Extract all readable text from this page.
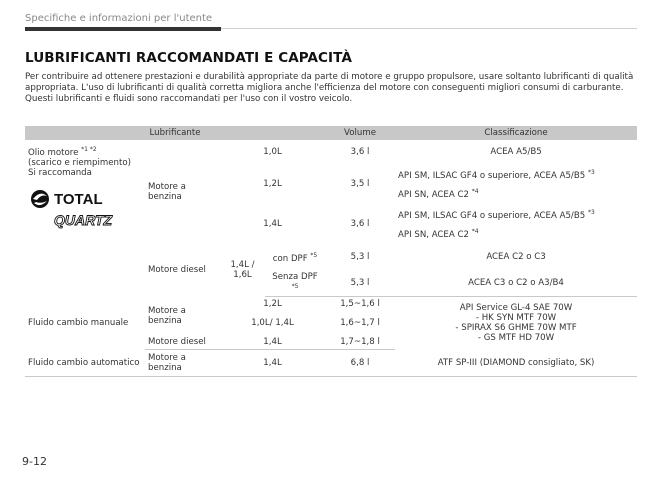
Specifiche e informazioni per l'utente
LUBRIFICANTI RACCOMANDATI E CAPACITÀ

Per contribuire ad ottenere prestazioni e durabilità appropriate da parte di motore e gruppo propulsore, usare soltanto lubrificanti di qualità appropriata. L'uso di lubrificanti di qualità corretta migliora anche l'efficienza del motore con conseguenti migliori consumi di carburante.

Questi lubrificanti e fluidi sono raccomandati per l'uso con il vostro veicolo.

Lubrificante				Volume	Classificazione

Olio motore $^{*1 *2}$
(scarico e riempimento)
Si raccomanda
TOTAL
QUARTZ	Motore a benzina	1,0L		3,6 l	ACEA A5/B5
		1,2L		3,5 l	API SM, ILSAC GF4 o superiore, ACEA A5/B5 $^{*3}$
API SN, ACEA C2 $^{*4}$

		1,4L		3,6 l	API SM, ILSAC GF4 o superiore, ACEA A5/B5 $^{*3}$
API SN, ACEA C2 $^{*4}$

	Motore diesel	1,4L / 1,6L	con DPF $^{*5}$	5,3 l	ACEA C2 o C3
			Senza DPF $^{*5}$	5,3 l	ACEA C3 o C2 o A3/B4
Fluido cambio manuale	Motore a benzina	1,2L		1,5~1,6 l	API Service GL-4 SAE 70W
- HK SYN MTF 70W
- SPIRAX S6 GHME 70W MTF
- GS MTF HD 70W

		1,0L/ 1,4L		1,6~1,7 l	
	Motore diesel	1,4L		1,7~1,8 l	
Fluido cambio automatico	Motore a benzina	1,4L		6,8 l	ATF SP-III (DIAMOND consigliato, SK)
9-12
